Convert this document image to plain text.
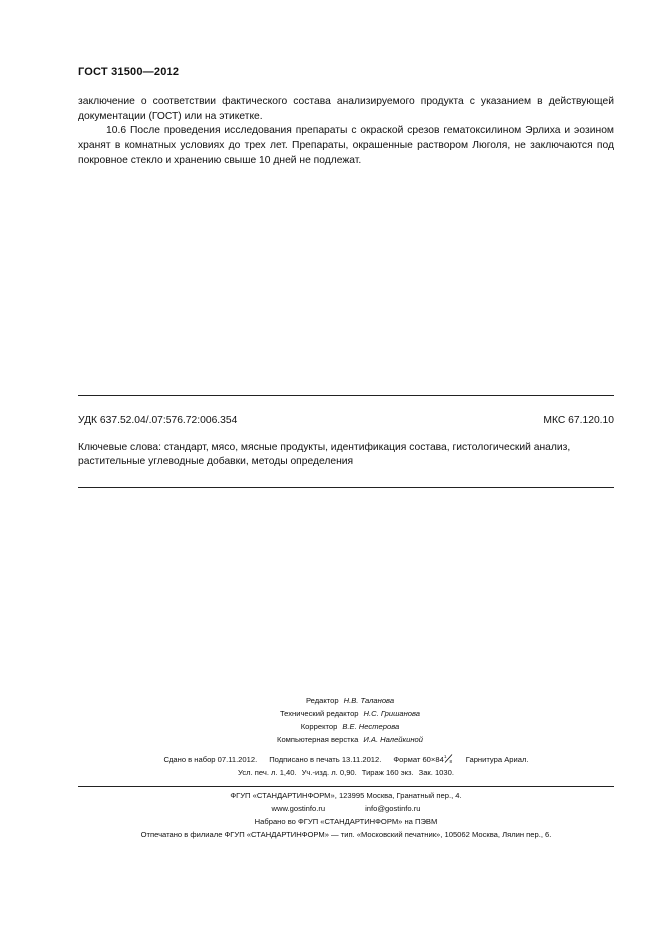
ГОСТ 31500—2012
заключение о соответствии фактического состава анализируемого продукта с указанием в действующей документации (ГОСТ) или на этикетке.
10.6 После проведения исследования препараты с окраской срезов гематоксилином Эрлиха и эозином хранят в комнатных условиях до трех лет. Препараты, окрашенные раствором Люголя, не заключаются под покровное стекло и хранению свыше 10 дней не подлежат.
УДК 637.52.04/.07:576.72:006.354	МКС 67.120.10
Ключевые слова: стандарт, мясо, мясные продукты, идентификация состава, гистологический анализ,
растительные углеводные добавки, методы определения
Редактор Н.В. Таланова
Технический редактор Н.С. Гришанова
Корректор В.Е. Нестерова
Компьютерная верстка И.А. Налейкиной
Сдано в набор 07.11.2012. Подписано в печать 13.11.2012. Формат 60×84 1
8 Гарнитура Ариал.
Усл. печ. л. 1,40. Уч.-изд. л. 0,90. Тираж 160 экз. Зак. 1030.
ФГУП «СТАНДАРТИНФОРМ», 123995 Москва, Гранатный пер., 4.
www.gostinfo.ru	info@gostinfo.ru
Набрано во ФГУП «СТАНДАРТИНФОРМ» на ПЭВМ
Отпечатано в филиале ФГУП «СТАНДАРТИНФОРМ» — тип. «Московский печатник», 105062 Москва, Лялин пер., 6.
